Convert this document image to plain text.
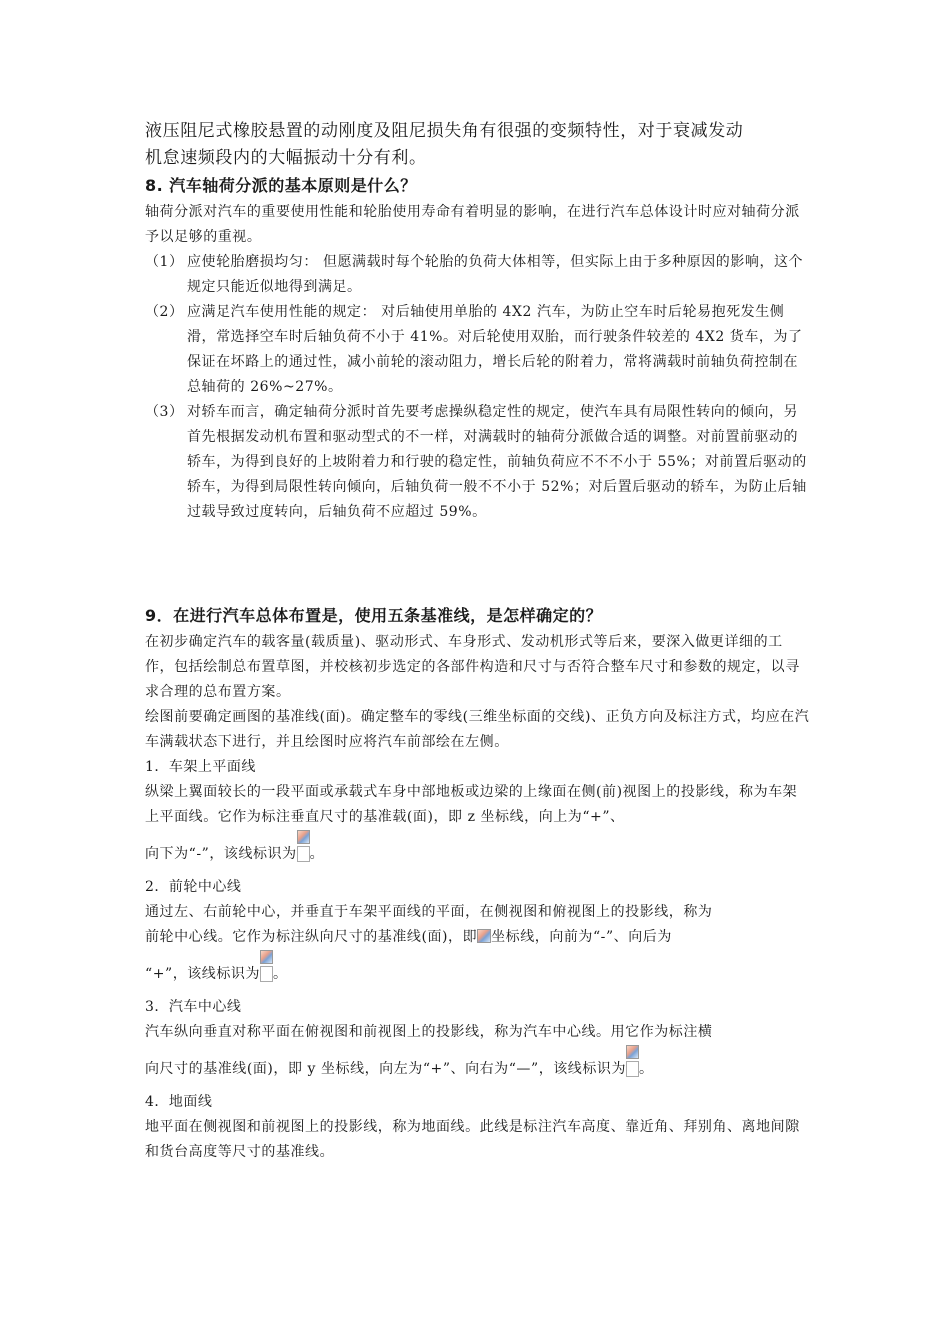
液压阻尼式橡胶悬置的动刚度及阻尼损失角有很强的变频特性，对于衰减发动
机怠速频段内的大幅振动十分有利。

8. 汽车轴荷分派的基本原则是什么？

轴荷分派对汽车的重要使用性能和轮胎使用寿命有着明显的影响，在进行汽车总体设计时应对轴荷分派予以足够的重视。

（1） 应使轮胎磨损均匀： 但愿满载时每个轮胎的负荷大体相等，但实际上由于多种原因的影响，这个规定只能近似地得到满足。
（2） 应满足汽车使用性能的规定： 对后轴使用单胎的 4X2 汽车，为防止空车时后轮易抱死发生侧滑，常选择空车时后轴负荷不小于 41%。对后轮使用双胎，而行驶条件较差的 4X2 货车，为了保证在坏路上的通过性，减小前轮的滚动阻力，增长后轮的附着力，常将满载时前轴负荷控制在总轴荷的 26%~27%。
（3） 对轿车而言，确定轴荷分派时首先要考虑操纵稳定性的规定，使汽车具有局限性转向的倾向，另首先根据发动机布置和驱动型式的不一样，对满载时的轴荷分派做合适的调整。对前置前驱动的轿车，为得到良好的上坡附着力和行驶的稳定性，前轴负荷应不不不小于 55%；对前置后驱动的轿车，为得到局限性转向倾向，后轴负荷一般不不小于 52%；对后置后驱动的轿车，为防止后轴过载导致过度转向，后轴负荷不应超过 59%。
9．在进行汽车总体布置是，使用五条基准线，是怎样确定的？

在初步确定汽车的载客量(载质量)、驱动形式、车身形式、发动机形式等后来，要深入做更详细的工作，包括绘制总布置草图，并校核初步选定的各部件构造和尺寸与否符合整车尺寸和参数的规定，以寻求合理的总布置方案。

绘图前要确定画图的基准线(面)。确定整车的零线(三维坐标面的交线)、正负方向及标注方式，均应在汽车满载状态下进行，并且绘图时应将汽车前部绘在左侧。

1．车架上平面线

纵梁上翼面较长的一段平面或承载式车身中部地板或边梁的上缘面在侧(前)视图上的投影线，称为车架上平面线。它作为标注垂直尺寸的基准载(面)，即 z 坐标线，向上为“+”、
向下为“-”，该线标识为 。

2．前轮中心线

通过左、右前轮中心，并垂直于车架平面线的平面，在侧视图和俯视图上的投影线，称为
前轮中心线。它作为标注纵向尺寸的基准线(面)，即 坐标线，向前为“-”、向后为
“+”，该线标识为 。

3．汽车中心线

汽车纵向垂直对称平面在俯视图和前视图上的投影线，称为汽车中心线。用它作为标注横
向尺寸的基准线(面)，即 y 坐标线，向左为“+”、向右为“—”，该线标识为 。

4．地面线

地平面在侧视图和前视图上的投影线，称为地面线。此线是标注汽车高度、靠近角、拜别角、离地间隙和货台高度等尺寸的基准线。
